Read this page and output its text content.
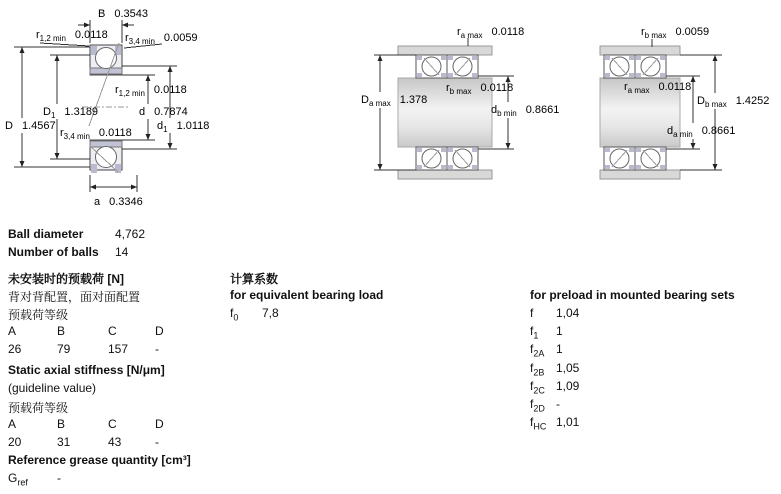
B 0.3543
$r_{1,2 min}$ 0.0118 $r_{3,4 min}$ 0.0059
$r_{1,2 min}$ 0.0118
$D_1$ 1.3189	d 0.7874
D 1.4567
$r_{3,4 min}$ 0.0118
$d_1$ 1.0118
a 0.3346
$r_{a max}$ 0.0118
$D_{a max}$ 1.378
$r_{b max}$ 0.0118
$d_{b min}$ 0.8661
$r_{b max}$ 0.0059
$r_{a max}$ 0.0118
$D_{b max}$ 1.4252
$d_{a min}$ 0.8661
Ball diameter	4,762
Number of balls 14
未安装时的预载荷 [N]
背对背配置，面对面配置
预载荷等级
A	B	C	D
26	79	157 -
Static axial stiffness [N/μm]
(guideline value)
预载荷等级
A	B	C	D
20	31	43	-
Reference grease quantity [cm³]
$G_{ref}$ -
计算系数
for equivalent bearing load
$f_0$ 7,8
for preload in mounted bearing sets
f 1,04
$f_1$ 1
$f_{2A}$ 1
$f_{2B}$ 1,05
$f_{2C}$ 1,09
$f_{2D}$ -
$f_{HC}$ 1,01
